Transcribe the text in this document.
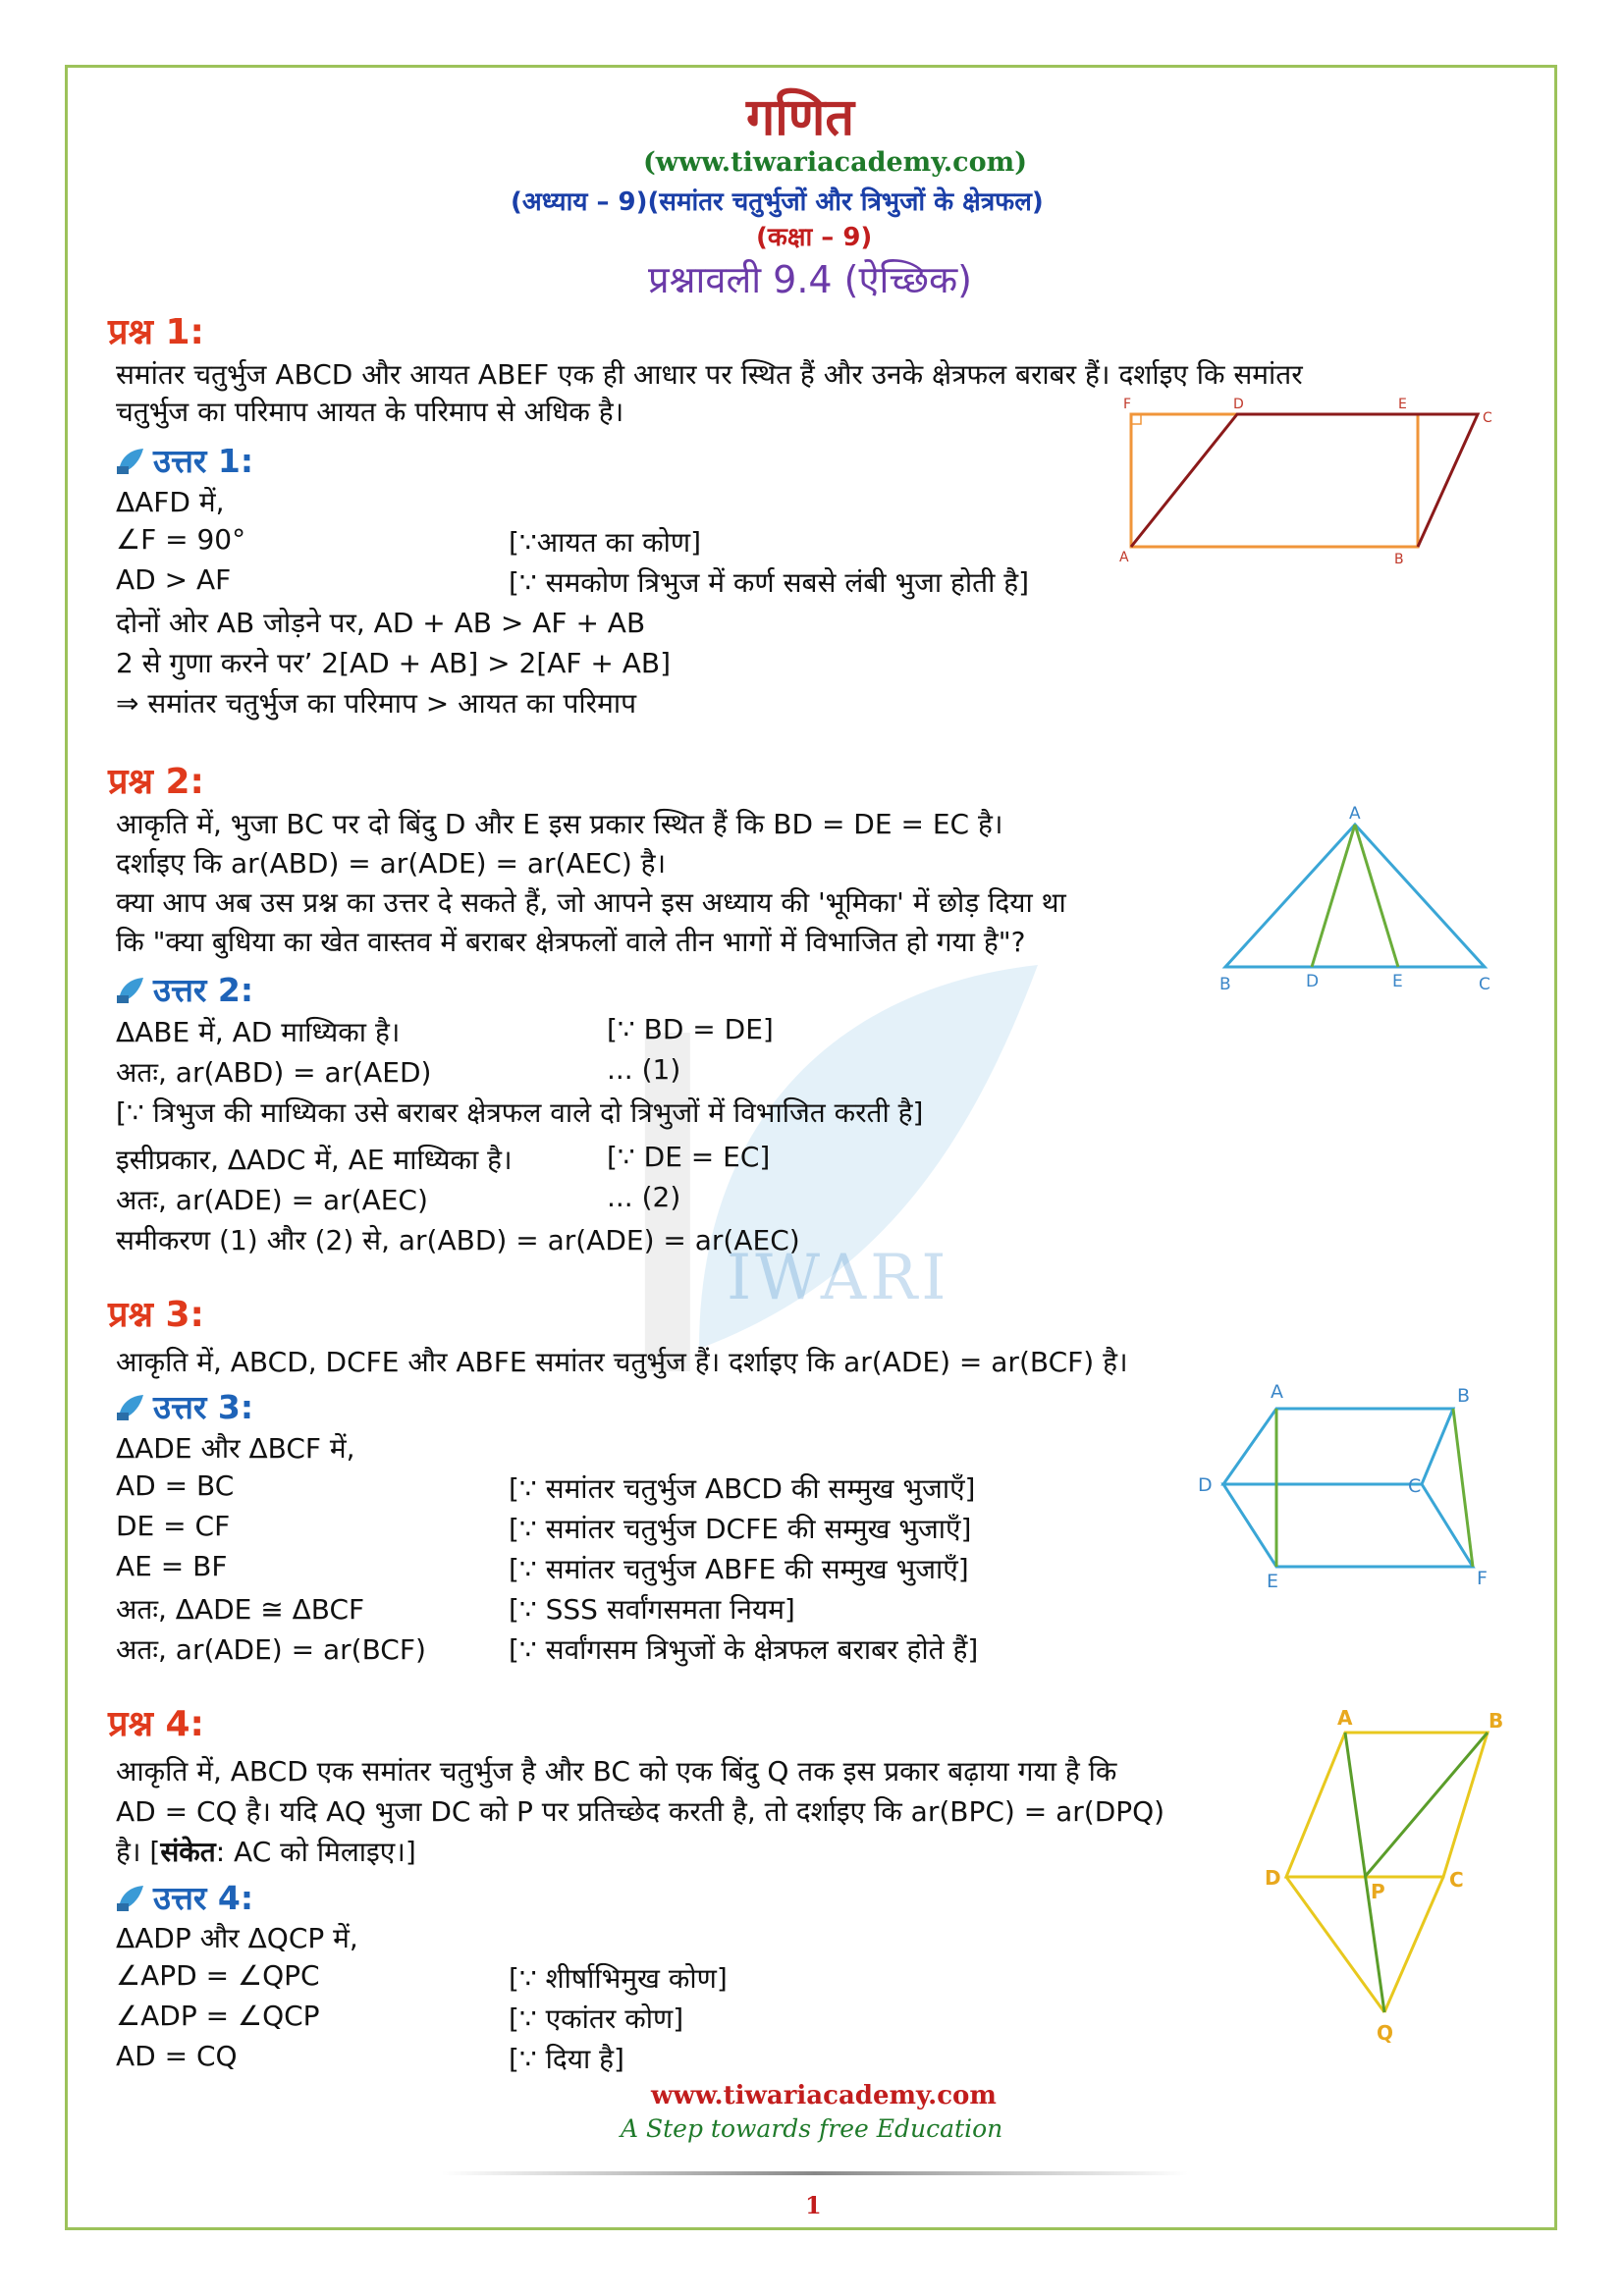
IWARI
गणित
(www.tiwariacademy.com)
(अध्याय – 9)(समांतर चतुर्भुजों और त्रिभुजों के क्षेत्रफल)
(कक्षा – 9)
प्रश्नावली 9.4 (ऐच्छिक)
प्रश्न 1:
समांतर चतुर्भुज ABCD और आयत ABEF एक ही आधार पर स्थित हैं और उनके क्षेत्रफल बराबर हैं। दर्शाइए कि समांतर
चतुर्भुज का परिमाप आयत के परिमाप से अधिक है।
उत्तर 1:
ΔAFD में,
∠F = 90°	[∵आयत का कोण]
AD > AF	[∵ समकोण त्रिभुज में कर्ण सबसे लंबी भुजा होती है]
दोनों ओर AB जोड़ने पर, AD + AB > AF + AB
2 से गुणा करने पर’ 2[AD + AB] > 2[AF + AB]
⇒ समांतर चतुर्भुज का परिमाप > आयत का परिमाप
F	D	E
C
A	B
प्रश्न 2:
आकृति में, भुजा BC पर दो बिंदु D और E इस प्रकार स्थित हैं कि BD = DE = EC है।
दर्शाइए कि ar(ABD) = ar(ADE) = ar(AEC) है।
क्या आप अब उस प्रश्न का उत्तर दे सकते हैं, जो आपने इस अध्याय की 'भूमिका' में छोड़ दिया था
कि "क्या बुधिया का खेत वास्तव में बराबर क्षेत्रफलों वाले तीन भागों में विभाजित हो गया है"?
उत्तर 2:
ΔABE में, AD माध्यिका है।	[∵ BD = DE]
अतः, ar(ABD) = ar(AED)	... (1)
[∵ त्रिभुज की माध्यिका उसे बराबर क्षेत्रफल वाले दो त्रिभुजों में विभाजित करती है]
इसीप्रकार, ΔADC में, AE माध्यिका है।	[∵ DE = EC]
अतः, ar(ADE) = ar(AEC)	... (2)
समीकरण (1) और (2) से, ar(ABD) = ar(ADE) = ar(AEC)
A
B	D	E	C
प्रश्न 3:
आकृति में, ABCD, DCFE और ABFE समांतर चतुर्भुज हैं। दर्शाइए कि ar(ADE) = ar(BCF) है।
उत्तर 3:
ΔADE और ΔBCF में,
AD = BC	[∵ समांतर चतुर्भुज ABCD की सम्मुख भुजाएँ]
DE = CF	[∵ समांतर चतुर्भुज DCFE की सम्मुख भुजाएँ]
AE = BF	[∵ समांतर चतुर्भुज ABFE की सम्मुख भुजाएँ]
अतः, ΔADE ≅ ΔBCF	[∵ SSS सर्वांगसमता नियम]
अतः, ar(ADE) = ar(BCF)	[∵ सर्वांगसम त्रिभुजों के क्षेत्रफल बराबर होते हैं]
A	B
D	C
E	F
प्रश्न 4:
आकृति में, ABCD एक समांतर चतुर्भुज है और BC को एक बिंदु Q तक इस प्रकार बढ़ाया गया है कि
AD = CQ है। यदि AQ भुजा DC को P पर प्रतिच्छेद करती है, तो दर्शाइए कि ar(BPC) = ar(DPQ)
है। [संकेत: AC को मिलाइए।]
उत्तर 4:
ΔADP और ΔQCP में,
∠APD = ∠QPC	[∵ शीर्षाभिमुख कोण]
∠ADP = ∠QCP	[∵ एकांतर कोण]
AD = CQ	[∵ दिया है]
A	B
D
P	C
Q
www.tiwariacademy.com
A Step towards free Education
1
